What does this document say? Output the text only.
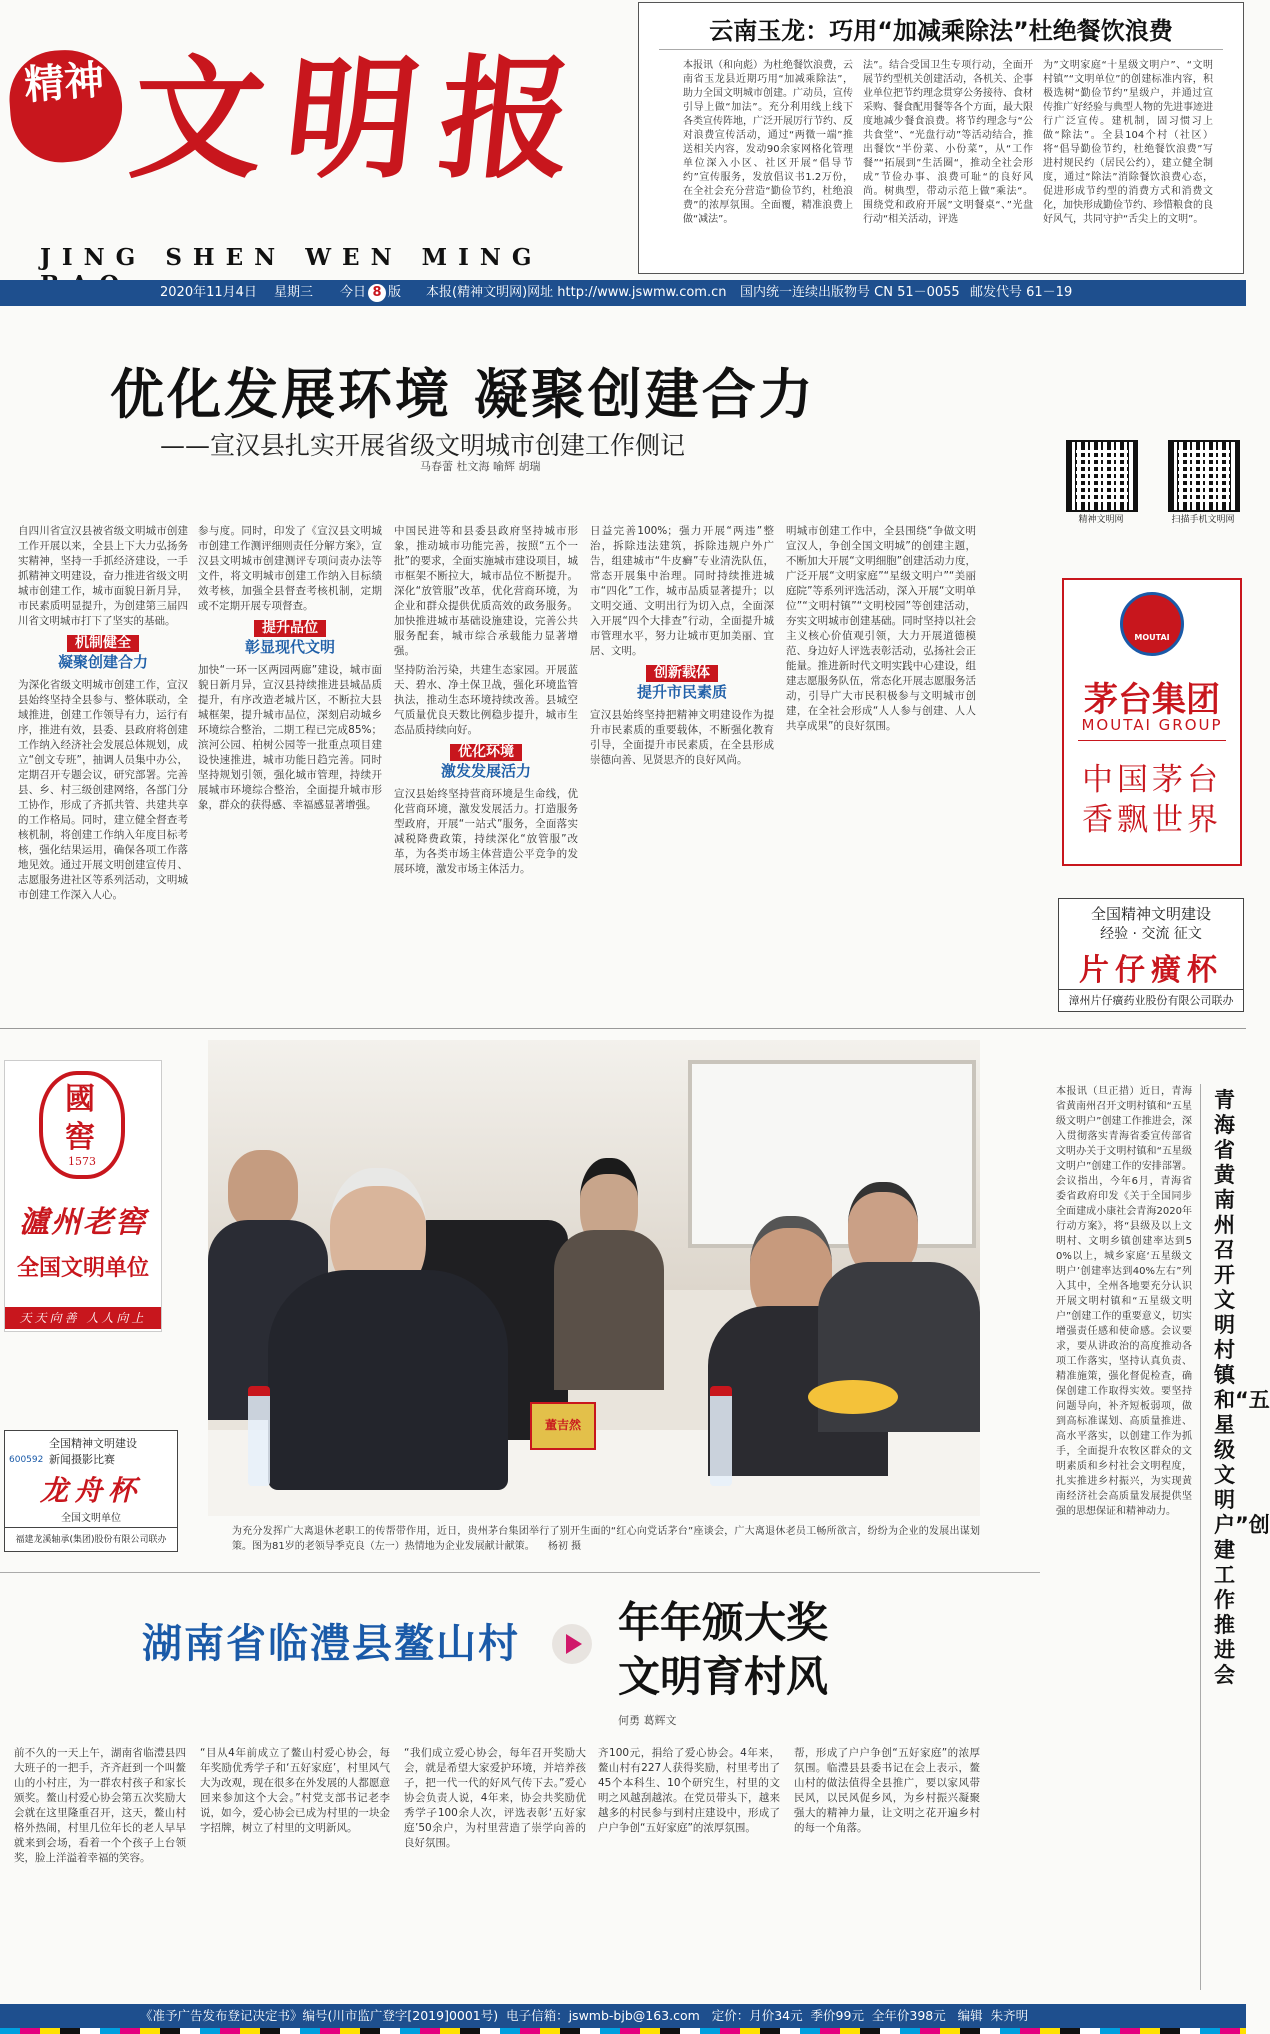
精神 文明报
JING SHEN WEN MING
云南玉龙：巧用“加减乘除法”杜绝餐饮浪费
本报讯（和向彪）为杜绝餐饮浪费，云南省玉龙县近期巧用“加减乘除法”，助力全国文明城市创建。广动员，宣传引导上做“加法”。充分利用线上线下各类宣传阵地，广泛开展厉行节约、反对浪费宣传活动，通过“两微一端”推送相关内容，发动90余家网格化管理单位深入小区、社区开展“倡导节约”宣传服务，发放倡议书1.2万份，在全社会充分营造“勤俭节约，杜绝浪费”的浓厚氛围。全面覆，精准浪费上做“减法”。
法”。结合受国卫生专项行动，全面开展节约型机关创建活动，各机关、企事业单位把节约理念贯穿公务接待、食材采购、餐食配用餐等各个方面，最大限度地减少餐食浪费。将节约理念与“公共食堂”、“光盘行动”等活动结合，推出餐饮“半份菜、小份菜”，从“工作餐”“拓展到”生活圈“，推动全社会形成”节俭办事、浪费可耻“的良好风尚。树典型，带动示范上做”乘法“。围绕党和政府开展”文明餐桌“、”光盘行动“相关活动，评选
为”文明家庭“十星级文明户”、“文明村镇”“文明单位”的创建标准内容，积极选树“勤俭节约”星级户，并通过宣传推广好经验与典型人物的先进事迹进行广泛宣传。建机制，固习惯习上做“除法”。全县104个村（社区）将“倡导勤俭节约，杜绝餐饮浪费”写进村规民约（居民公约），建立健全制度，通过“除法”消除餐饮浪费心态，促进形成节约型的消费方式和消费文化，加快形成勤俭节约、珍惜粮食的良好风气，共同守护“舌尖上的文明”。
2020年11月4日 星期三 今日 8 版 本报(精神文明网)网址 http://www.jswmw.com.cn 国内统一连续出版物号 CN 51－0055 邮发代号 61－19
优化发展环境 凝聚创建合力
——宣汉县扎实开展省级文明城市创建工作侧记
马春蕾 杜文海 喻辉 胡瑞
精神文明网	扫描手机文明网
自四川省宣汉县被省级文明城市创建工作开展以来，全县上下大力弘扬务实精神，坚持一手抓经济建设，一手抓精神文明建设，奋力推进省级文明城市创建工作，城市面貌日新月异，市民素质明显提升，为创建第三届四川省文明城市打下了坚实的基础。
机制健全
凝聚创建合力
为深化省级文明城市创建工作，宣汉县始终坚持全县参与、整体联动，全域推进，创建工作领导有力，运行有序，推进有效，县委、县政府将创建工作纳入经济社会发展总体规划，成立“创文专班”，抽调人员集中办公，定期召开专题会议，研究部署。完善县、乡、村三级创建网络，各部门分工协作，形成了齐抓共管、共建共享的工作格局。同时，建立健全督查考核机制，将创建工作纳入年度目标考核，强化结果运用，确保各项工作落地见效。通过开展文明创建宣传月、志愿服务进社区等系列活动，文明城市创建工作深入人心。
参与度。同时，印发了《宣汉县文明城市创建工作测评细则责任分解方案》，宣汉县文明城市创建测评专项问责办法等文件，将文明城市创建工作纳入目标绩效考核，加强全县督查考核机制，定期或不定期开展专项督查。
提升品位
彰显现代文明
加快“一环一区两园两廊”建设，城市面貌日新月异，宣汉县持续推进县城品质提升，有序改造老城片区，不断拉大县城框架，提升城市品位，深刻启动城乡环境综合整治，二期工程已完成85%；滨河公园、柏树公园等一批重点项目建设快速推进，城市功能日趋完善。同时坚持规划引领，强化城市管理，持续开展城市环境综合整治，全面提升城市形象，群众的获得感、幸福感显著增强。
中国民进等和县委县政府坚持城市形象，推动城市功能完善，按照“五个一批”的要求，全面实施城市建设项目，城市框架不断拉大，城市品位不断提升。深化“放管服”改革，优化营商环境，为企业和群众提供优质高效的政务服务。加快推进城市基础设施建设，完善公共服务配套，城市综合承载能力显著增强。
坚持防治污染，共建生态家园。开展蓝天、碧水、净土保卫战，强化环境监管执法，推动生态环境持续改善。县城空气质量优良天数比例稳步提升，城市生态品质持续向好。
优化环境
激发发展活力
宣汉县始终坚持营商环境是生命线，优化营商环境，激发发展活力。打造服务型政府，开展“一站式”服务，全面落实减税降费政策，持续深化“放管服”改革，为各类市场主体营造公平竞争的发展环境，激发市场主体活力。
日益完善100%；强力开展“两违”整治，拆除违法建筑，拆除违规户外广告，组建城市“牛皮癣”专业清洗队伍，常态开展集中治理。同时持续推进城市“四化”工作，城市品质显著提升；以文明交通、文明出行为切入点，全面深入开展“四个大排查”行动，全面提升城市管理水平，努力让城市更加美丽、宜居、文明。
创新载体
提升市民素质
宣汉县始终坚持把精神文明建设作为提升市民素质的重要载体，不断强化教育引导，全面提升市民素质，在全县形成崇德向善、见贤思齐的良好风尚。
明城市创建工作中，全县围绕“争做文明宣汉人，争创全国文明城”的创建主题，不断加大开展“文明细胞”创建活动力度，广泛开展“文明家庭”“星级文明户”“美丽庭院”等系列评选活动，深入开展“文明单位”“文明村镇”“文明校园”等创建活动，夯实文明城市创建基础。同时坚持以社会主义核心价值观引领，大力开展道德模范、身边好人评选表彰活动，弘扬社会正能量。推进新时代文明实践中心建设，组建志愿服务队伍，常态化开展志愿服务活动，引导广大市民积极参与文明城市创建，在全社会形成“人人参与创建、人人共享成果”的良好氛围。
MOUTAI
茅台集团
MOUTAI GROUP
中国茅台
香飘世界
全国精神文明建设
经验 · 交流 征文
片仔癀杯
漳州片仔癀药业股份有限公司联办
國窖
1573
瀘州老窖
全国文明单位
天天向善 人人向上
600592
全国精神文明建设
新闻摄影比赛
龙舟杯
全国文明单位
福建龙溪轴承(集团)股份有限公司联办
董吉然
为充分发挥广大离退休老职工的传帮带作用，近日，贵州茅台集团举行了别开生面的“红心向党话茅台”座谈会，广大离退休老员工畅所欲言，纷纷为企业的发展出谋划策。图为81岁的老领导季克良（左一）热情地为企业发展献计献策。 杨初 摄
青海省黄南州召开文明村镇和“五星级文明户”创建工作推进会
本报讯（旦正措）近日，青海省黄南州召开文明村镇和“五星级文明户”创建工作推进会，深入贯彻落实青海省委宣传部省文明办关于文明村镇和“五星级文明户”创建工作的安排部署。会议指出，今年6月，青海省委省政府印发《关于全国同步全面建成小康社会青海2020年行动方案》，将“县级及以上文明村、文明乡镇创建率达到50%以上，城乡家庭‘五星级文明户’创建率达到40%左右”列入其中，全州各地要充分认识开展文明村镇和“五星级文明户”创建工作的重要意义，切实增强责任感和使命感。会议要求，要从讲政治的高度推动各项工作落实，坚持认真负责、精准施策，强化督促检查，确保创建工作取得实效。要坚持问题导向，补齐短板弱项，做到高标准谋划、高质量推进、高水平落实，以创建工作为抓手，全面提升农牧区群众的文明素质和乡村社会文明程度，扎实推进乡村振兴，为实现黄南经济社会高质量发展提供坚强的思想保证和精神动力。
湖南省临澧县鳌山村	年年颁大奖 文明育村风
何勇 葛辉文
前不久的一天上午，湖南省临澧县四大班子的一把手，齐齐赶到一个叫鳌山的小村庄，为一群农村孩子和家长颁奖。鳌山村爱心协会第五次奖励大会就在这里隆重召开，这天，鳌山村格外热闹，村里几位年长的老人早早就来到会场，看着一个个孩子上台领奖，脸上洋溢着幸福的笑容。
“目从4年前成立了鳌山村爱心协会，每年奖励优秀学子和‘五好家庭’，村里风气大为改观，现在很多在外发展的人都愿意回来参加这个大会。”村党支部书记老李说，如今，爱心协会已成为村里的一块金字招牌，树立了村里的文明新风。
“我们成立爱心协会，每年召开奖励大会，就是希望大家爱护环境，并培养孩子，把一代一代的好风气传下去。”爱心协会负责人说，4年来，协会共奖励优秀学子100余人次，评选表彰‘五好家庭’50余户，为村里营造了崇学向善的良好氛围。
齐100元，捐给了爱心协会。4年来，鳌山村有227人获得奖励，村里考出了45个本科生、10个研究生，村里的文明之风越刮越浓。在党员带头下，越来越多的村民参与到村庄建设中，形成了户户争创“五好家庭”的浓厚氛围。
帮，形成了户户争创“五好家庭”的浓厚氛围。临澧县县委书记在会上表示，鳌山村的做法值得全县推广，要以家风带民风，以民风促乡风，为乡村振兴凝聚强大的精神力量，让文明之花开遍乡村的每一个角落。
《准予广告发布登记决定书》编号(川市监广登字[2019]0001号)  电子信箱：jswmb-bjb@163.com   定价：月价34元  季价99元  全年价398元   编辑  朱齐明
